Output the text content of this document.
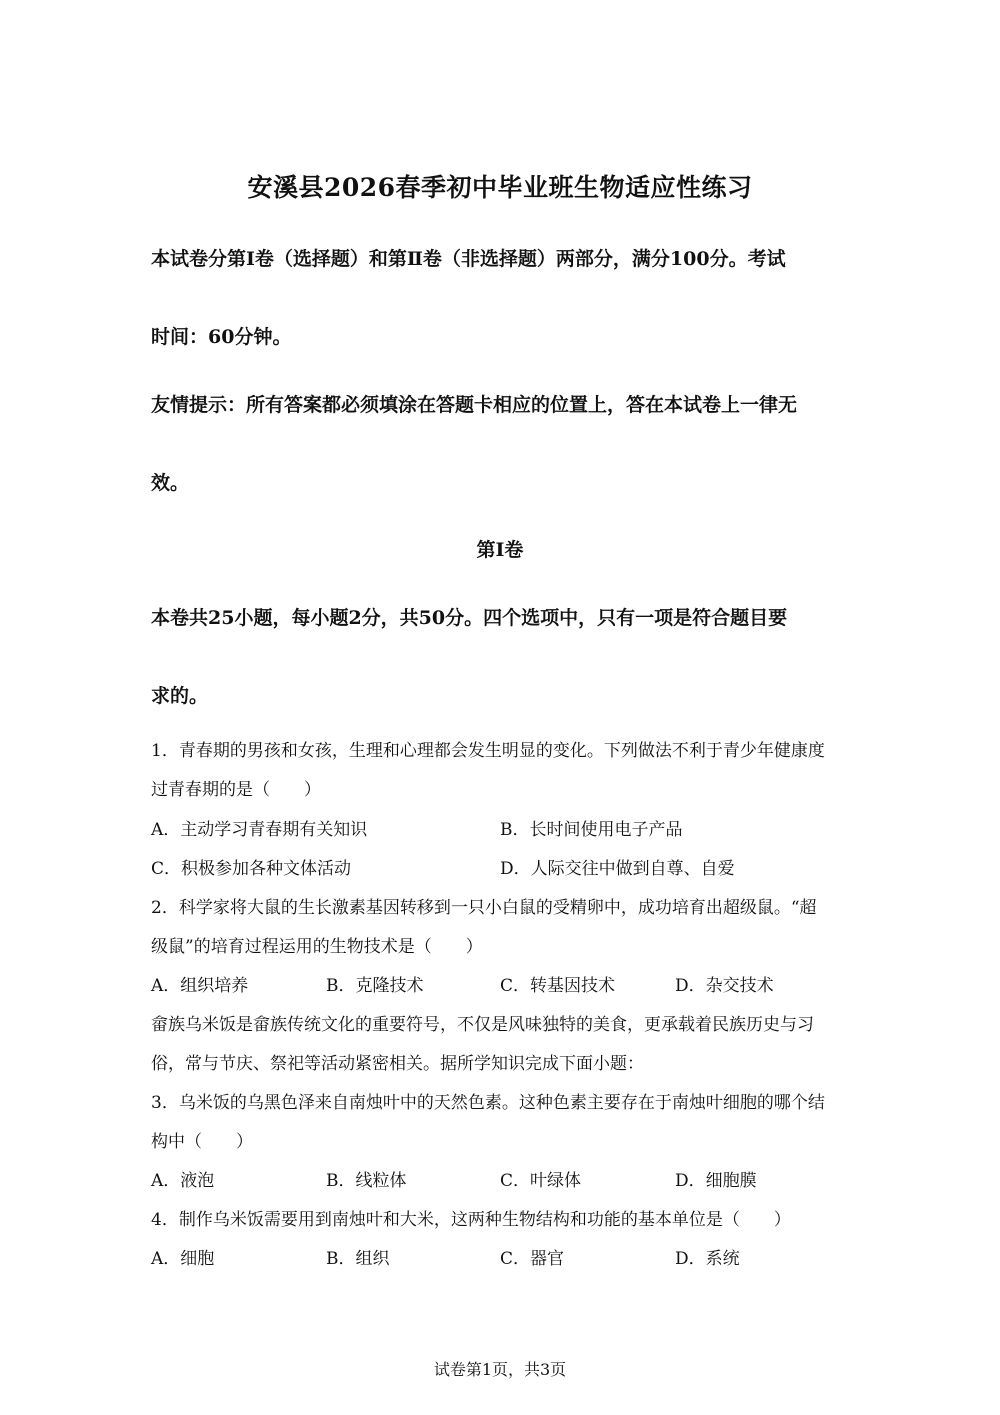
安溪县2026春季初中毕业班生物适应性练习
本试卷分第Ⅰ卷（选择题）和第Ⅱ卷（非选择题）两部分，满分100分。考试
时间：60分钟。
友情提示：所有答案都必须填涂在答题卡相应的位置上，答在本试卷上一律无
效。
第Ⅰ卷
本卷共25小题，每小题2分，共50分。四个选项中，只有一项是符合题目要
求的。
1．青春期的男孩和女孩，生理和心理都会发生明显的变化。下列做法不利于青少年健康度
过青春期的是（　　）
A．主动学习青春期有关知识	B．长时间使用电子产品
C．积极参加各种文体活动	D．人际交往中做到自尊、自爱
2．科学家将大鼠的生长激素基因转移到一只小白鼠的受精卵中，成功培育出超级鼠。“超
级鼠”的培育过程运用的生物技术是（　　）
A．组织培养	B．克隆技术	C．转基因技术	D．杂交技术
畲族乌米饭是畲族传统文化的重要符号，不仅是风味独特的美食，更承载着民族历史与习
俗，常与节庆、祭祀等活动紧密相关。据所学知识完成下面小题：
3．乌米饭的乌黑色泽来自南烛叶中的天然色素。这种色素主要存在于南烛叶细胞的哪个结
构中（　　）
A．液泡	B．线粒体	C．叶绿体	D．细胞膜
4．制作乌米饭需要用到南烛叶和大米，这两种生物结构和功能的基本单位是（　　）
A．细胞	B．组织	C．器官	D．系统
试卷第1页，共3页
